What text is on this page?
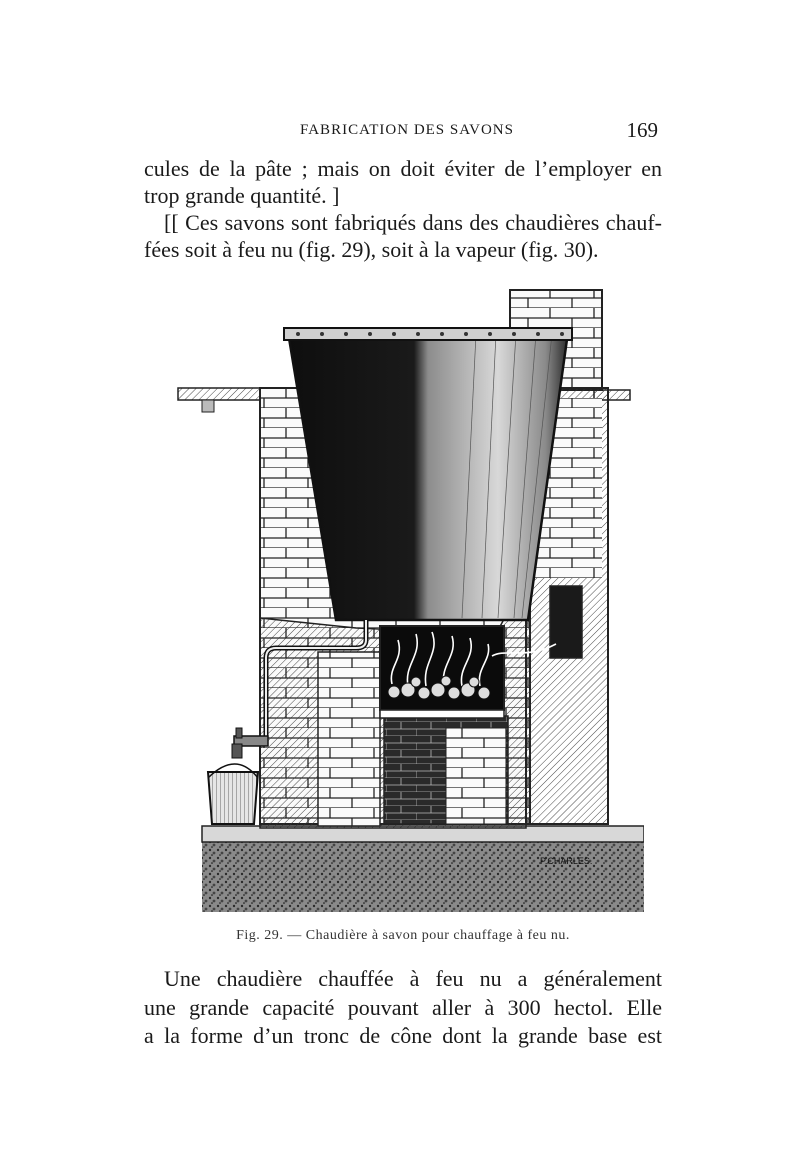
FABRICATION DES SAVONS	169
cules de la pâte ; mais on doit éviter de l’employer en
trop grande quantité. ]
[[ Ces savons sont fabriqués dans des chaudières chauf-
fées soit à feu nu (fig. 29), soit à la vapeur (fig. 30).
P.CHARLES.
Fig. 29. — Chaudière à savon pour chauffage à feu nu.
Une chaudière chauffée à feu nu a généralement
une grande capacité pouvant aller à 300 hectol. Elle
a la forme d’un tronc de cône dont la grande base est
